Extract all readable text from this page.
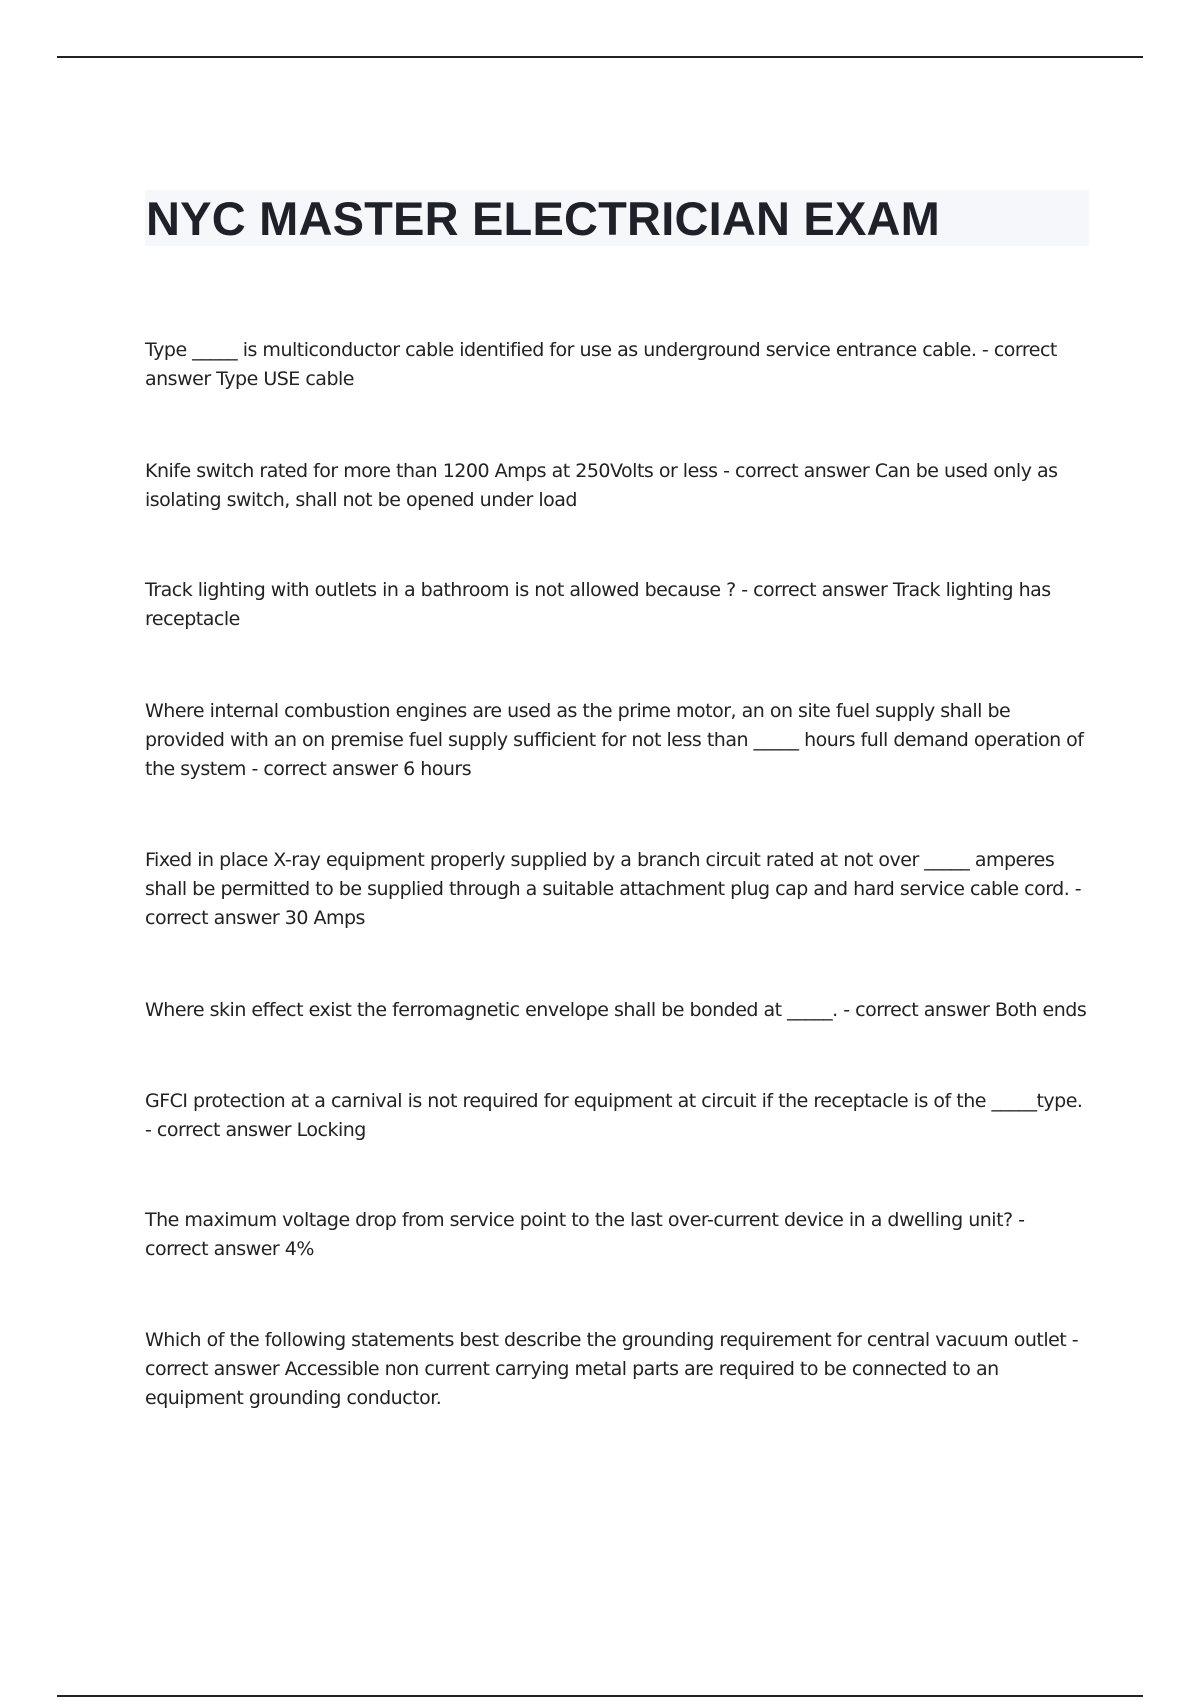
NYC MASTER ELECTRICIAN EXAM

Type _____ is multiconductor cable identified for use as underground service entrance cable. - correct answer Type USE cable

Knife switch rated for more than 1200 Amps at 250Volts or less - correct answer Can be used only as isolating switch, shall not be opened under load

Track lighting with outlets in a bathroom is not allowed because ? - correct answer Track lighting has receptacle

Where internal combustion engines are used as the prime motor, an on site fuel supply shall be provided with an on premise fuel supply sufficient for not less than _____ hours full demand operation of the system - correct answer 6 hours

Fixed in place X-ray equipment properly supplied by a branch circuit rated at not over _____ amperes shall be permitted to be supplied through a suitable attachment plug cap and hard service cable cord. - correct answer 30 Amps

Where skin effect exist the ferromagnetic envelope shall be bonded at _____. - correct answer Both ends

GFCI protection at a carnival is not required for equipment at circuit if the receptacle is of the _____type. - correct answer Locking

The maximum voltage drop from service point to the last over-current device in a dwelling unit? - correct answer 4%

Which of the following statements best describe the grounding requirement for central vacuum outlet - correct answer Accessible non current carrying metal parts are required to be connected to an equipment grounding conductor.
